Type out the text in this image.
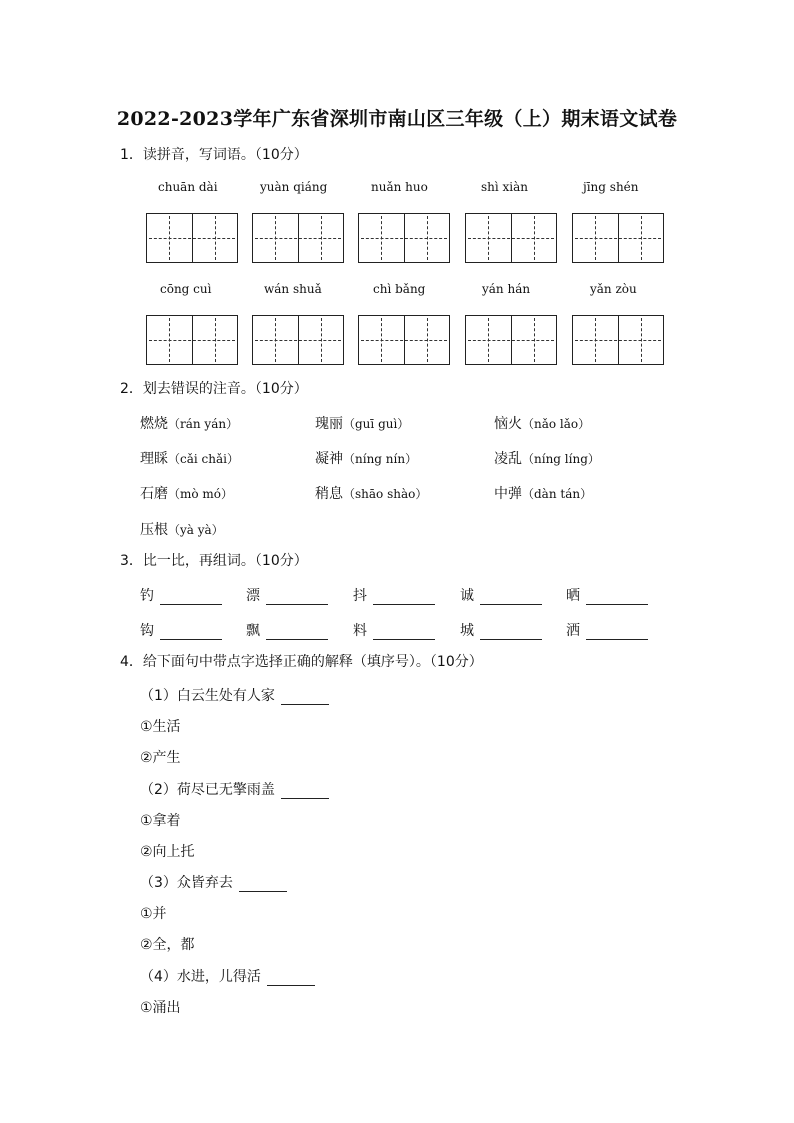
2022-2023学年广东省深圳市南山区三年级（上）期末语文试卷
1．读拼音，写词语。（10分）
chuān dài	yuàn qiáng	nuǎn huo	shì xiàn	jīng shén
cōng cuì	wán shuǎ	chì bǎng	yán hán	yǎn zòu
2．划去错误的注音。（10分）
燃烧（rán yán）	瑰丽（guī guì）	恼火（nǎo lǎo）
理睬（cǎi chǎi）	凝神（níng nín）	凌乱（níng líng）
石磨（mò mó）	稍息（shāo shào）	中弹（dàn tán）
压根（yà yà）
3．比一比，再组词。（10分）
钓	漂	抖	诚	晒
钩	飘	料	城	洒
4．给下面句中带点字选择正确的解释（填序号）。（10分）
（1）白云生处有人家
①生活
②产生
（2）荷尽已无擎雨盖
①拿着
②向上托
（3）众皆弃去
①并
②全，都
（4）水进，儿得活
①涌出
